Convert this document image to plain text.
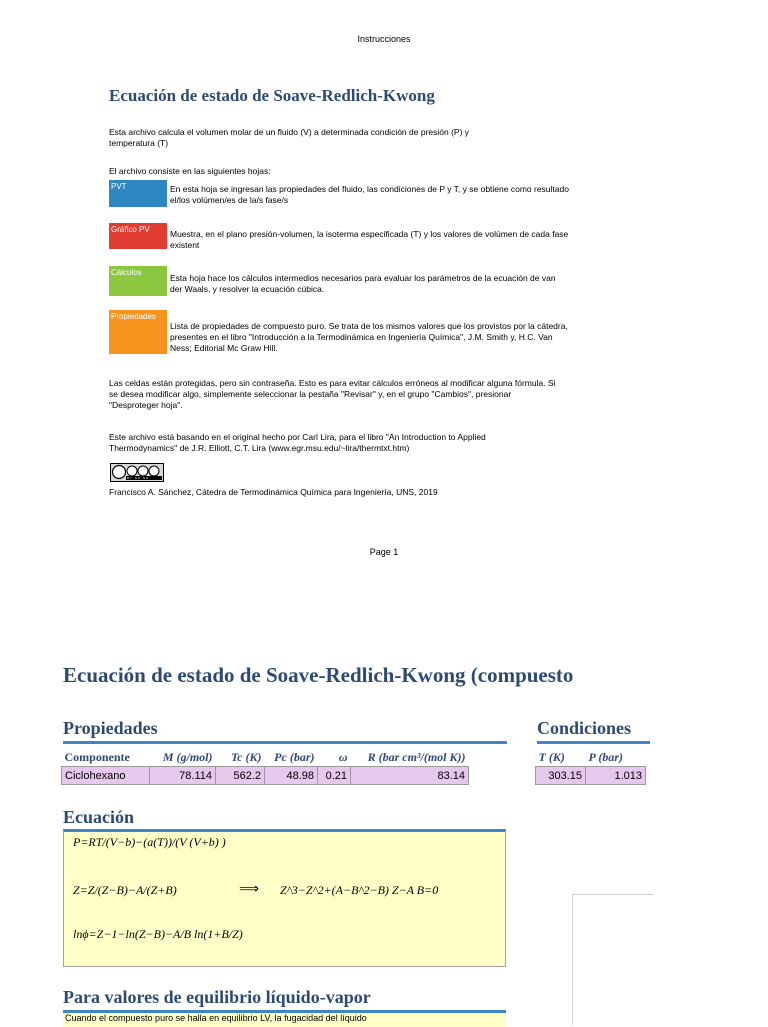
Instrucciones
Ecuación de estado de Soave-Redlich-Kwong
Esta archivo calcula el volumen molar de un fluido (V) a determinada condición de presión (P) y temperatura (T)
El archivo consiste en las siguientes hojas:
PVT	En esta hoja se ingresan las propiedades del fluido, las condiciones de P y T, y se obtiene como resultado el/los volúmen/es de la/s fase/s
Gráfico PV	Muestra, en el plano presión-volumen, la isoterma especificada (T) y los valores de volúmen de cada fase existent
Cálculos
Esta hoja hace los cálculos intermedios necesarios para evaluar los parámetros de la ecuación de van der Waals, y resolver la ecuación cúbica.
Propiedades
Lista de propiedades de compuesto puro. Se trata de los mismos valores que los provistos por la cátedra, presentes en el libro "Introducción a la Termodinámica en Ingeniería Química", J.M. Smith y, H.C. Van Ness; Editorial Mc Graw Hill.
Las celdas están protegidas, pero sin contraseña. Esto es para evitar cálculos erróneos al modificar alguna fórmula. Si se desea modificar algo, simplemente seleccionar la pestaña "Revisar" y, en el grupo "Cambios", presionar "Desproteger hoja".
Este archivo está basando en el original hecho por Carl Lira, para el libro "An Introduction to Applied Thermodynamics" de J.R. Elliott, C.T. Lira (www.egr.msu.edu/~lira/thermtxt.htm)
BY NC SA
Francisco A. Sánchez, Cátedra de Termodinámica Química para Ingeniería, UNS, 2019
Page 1
Ecuación de estado de Soave-Redlich-Kwong (compuesto
Propiedades
Componente	M (g/mol)	Tc (K)	Pc (bar)	ω	R (bar cm³/(mol K))
Ciclohexano	78.114	562.2	48.98	0.21	83.14
Condiciones
T (K)	P (bar)
303.15	1.013
Ecuación
P=RT/(V−b)−(a(T))/(V (V+b) )
Z=Z/(Z−B)−A/(Z+B)	⟹ Z^3−Z^2+(A−B^2−B) Z−A B=0
lnϕ=Z−1−ln(Z−B)−A/B ln(1+B/Z)
Para valores de equilibrio líquido-vapor
Cuando el compuesto puro se halla en equilibrio LV, la fugacidad del líquido
